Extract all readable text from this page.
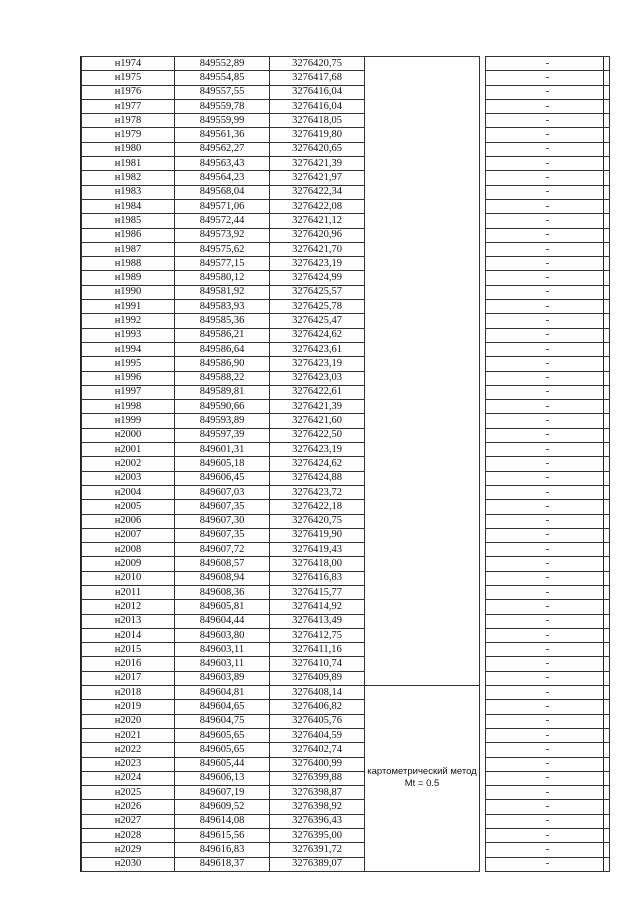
н1974	849552,89	3276420,75			-
н1975	849554,85	3276417,68			-
н1976	849557,55	3276416,04			-
н1977	849559,78	3276416,04			-
н1978	849559,99	3276418,05			-
н1979	849561,36	3276419,80			-
н1980	849562,27	3276420,65			-
н1981	849563,43	3276421,39			-
н1982	849564,23	3276421,97			-
н1983	849568,04	3276422,34			-
н1984	849571,06	3276422,08			-
н1985	849572,44	3276421,12			-
н1986	849573,92	3276420,96			-
н1987	849575,62	3276421,70			-
н1988	849577,15	3276423,19			-
н1989	849580,12	3276424,99			-
н1990	849581,92	3276425,57			-
н1991	849583,93	3276425,78			-
н1992	849585,36	3276425,47			-
н1993	849586,21	3276424,62			-
н1994	849586,64	3276423,61			-
н1995	849586,90	3276423,19			-
н1996	849588,22	3276423,03			-
н1997	849589,81	3276422,61			-
н1998	849590,66	3276421,39			-
н1999	849593,89	3276421,60			-
н2000	849597,39	3276422,50			-
н2001	849601,31	3276423,19			-
н2002	849605,18	3276424,62			-
н2003	849606,45	3276424,88			-
н2004	849607,03	3276423,72			-
н2005	849607,35	3276422,18			-
н2006	849607,30	3276420,75			-
н2007	849607,35	3276419,90			-
н2008	849607,72	3276419,43			-
н2009	849608,57	3276418,00			-
н2010	849608,94	3276416,83			-
н2011	849608,36	3276415,77			-
н2012	849605,81	3276414,92			-
н2013	849604,44	3276413,49			-
н2014	849603,80	3276412,75			-
н2015	849603,11	3276411,16			-
н2016	849603,11	3276410,74			-
н2017	849603,89	3276409,89			-
н2018	849604,81	3276408,14	картометрический метод Mt = 0.5		-
н2019	849604,65	3276406,82			-
н2020	849604,75	3276405,76			-
н2021	849605,65	3276404,59			-
н2022	849605,65	3276402,74			-
н2023	849605,44	3276400,99			-
н2024	849606,13	3276399,88			-
н2025	849607,19	3276398,87			-
н2026	849609,52	3276398,92			-
н2027	849614,08	3276396,43			-
н2028	849615,56	3276395,00			-
н2029	849616,83	3276391,72			-
н2030	849618,37	3276389,07			-
